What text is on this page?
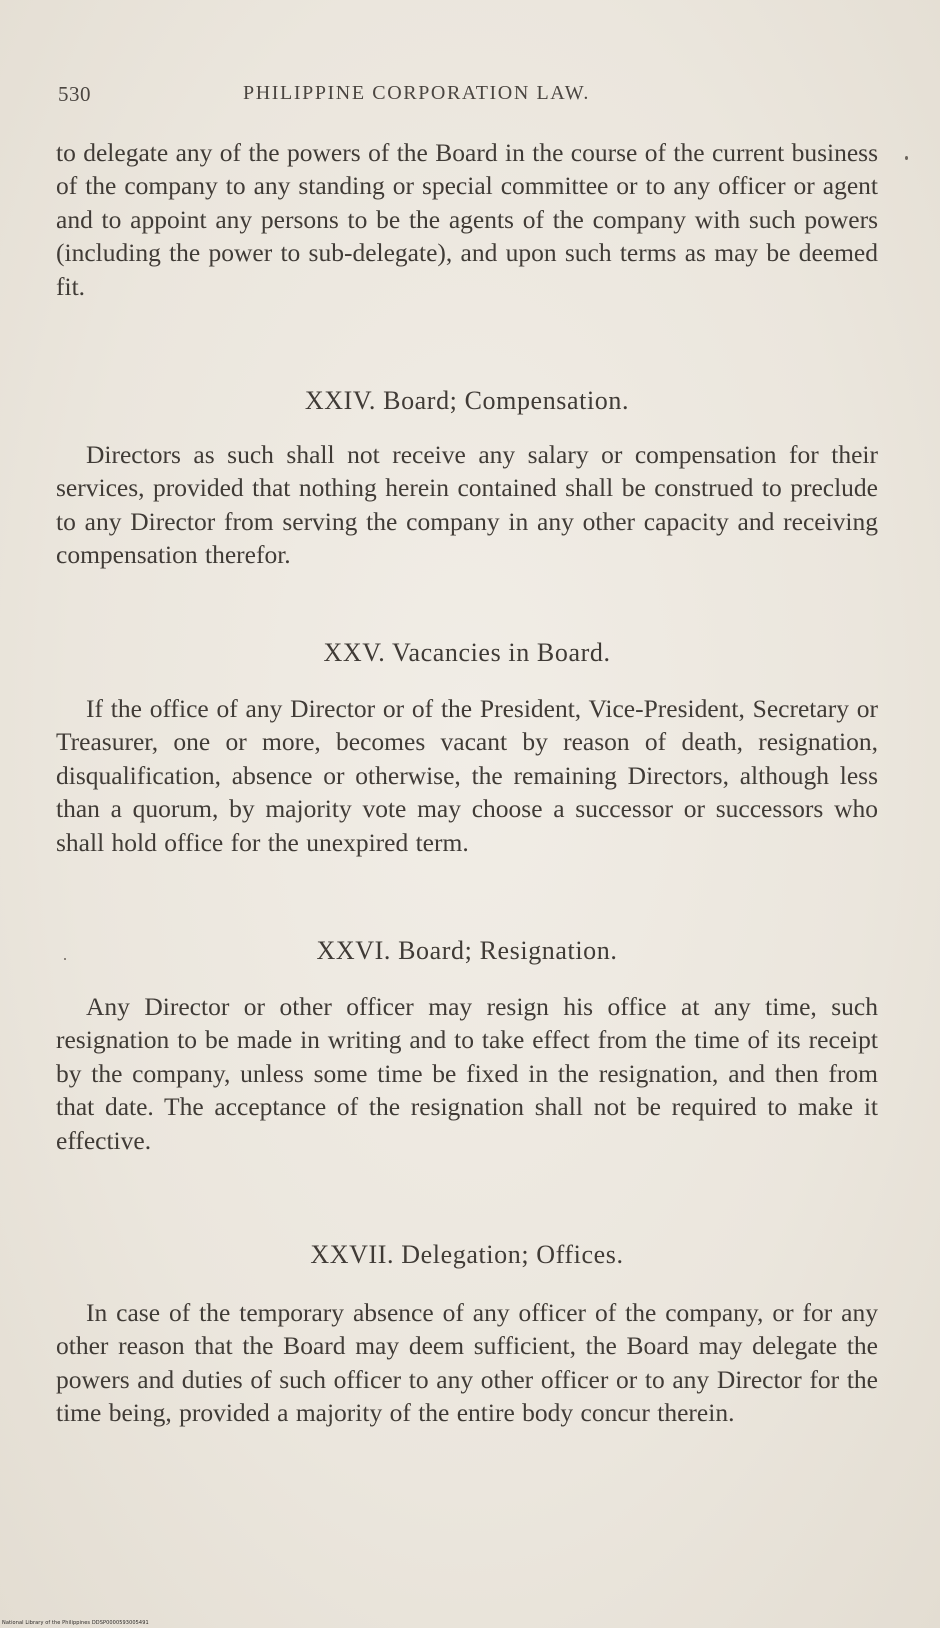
530	PHILIPPINE CORPORATION LAW.

to delegate any of the powers of the Board in the course of the current business of the company to any standing or special committee or to any officer or agent and to appoint any persons to be the agents of the company with such powers (including the power to sub-delegate), and upon such terms as may be deemed fit.

XXIV. Board; Compensation.

Directors as such shall not receive any salary or compensation for their services, provided that nothing herein contained shall be construed to preclude to any Director from serving the company in any other capacity and receiving compensation therefor.

XXV. Vacancies in Board.

If the office of any Director or of the President, Vice-President, Secretary or Treasurer, one or more, becomes vacant by reason of death, resignation, disqualification, absence or otherwise, the remaining Directors, although less than a quorum, by majority vote may choose a successor or successors who shall hold office for the unexpired term.

XXVI. Board; Resignation.

Any Director or other officer may resign his office at any time, such resignation to be made in writing and to take effect from the time of its receipt by the company, unless some time be fixed in the resignation, and then from that date. The acceptance of the resignation shall not be required to make it effective.

XXVII. Delegation; Offices.

In case of the temporary absence of any officer of the company, or for any other reason that the Board may deem sufficient, the Board may delegate the powers and duties of such officer to any other officer or to any Director for the time being, provided a majority of the entire body concur therein.

National Library of the Philippines DDSP0000593005491
